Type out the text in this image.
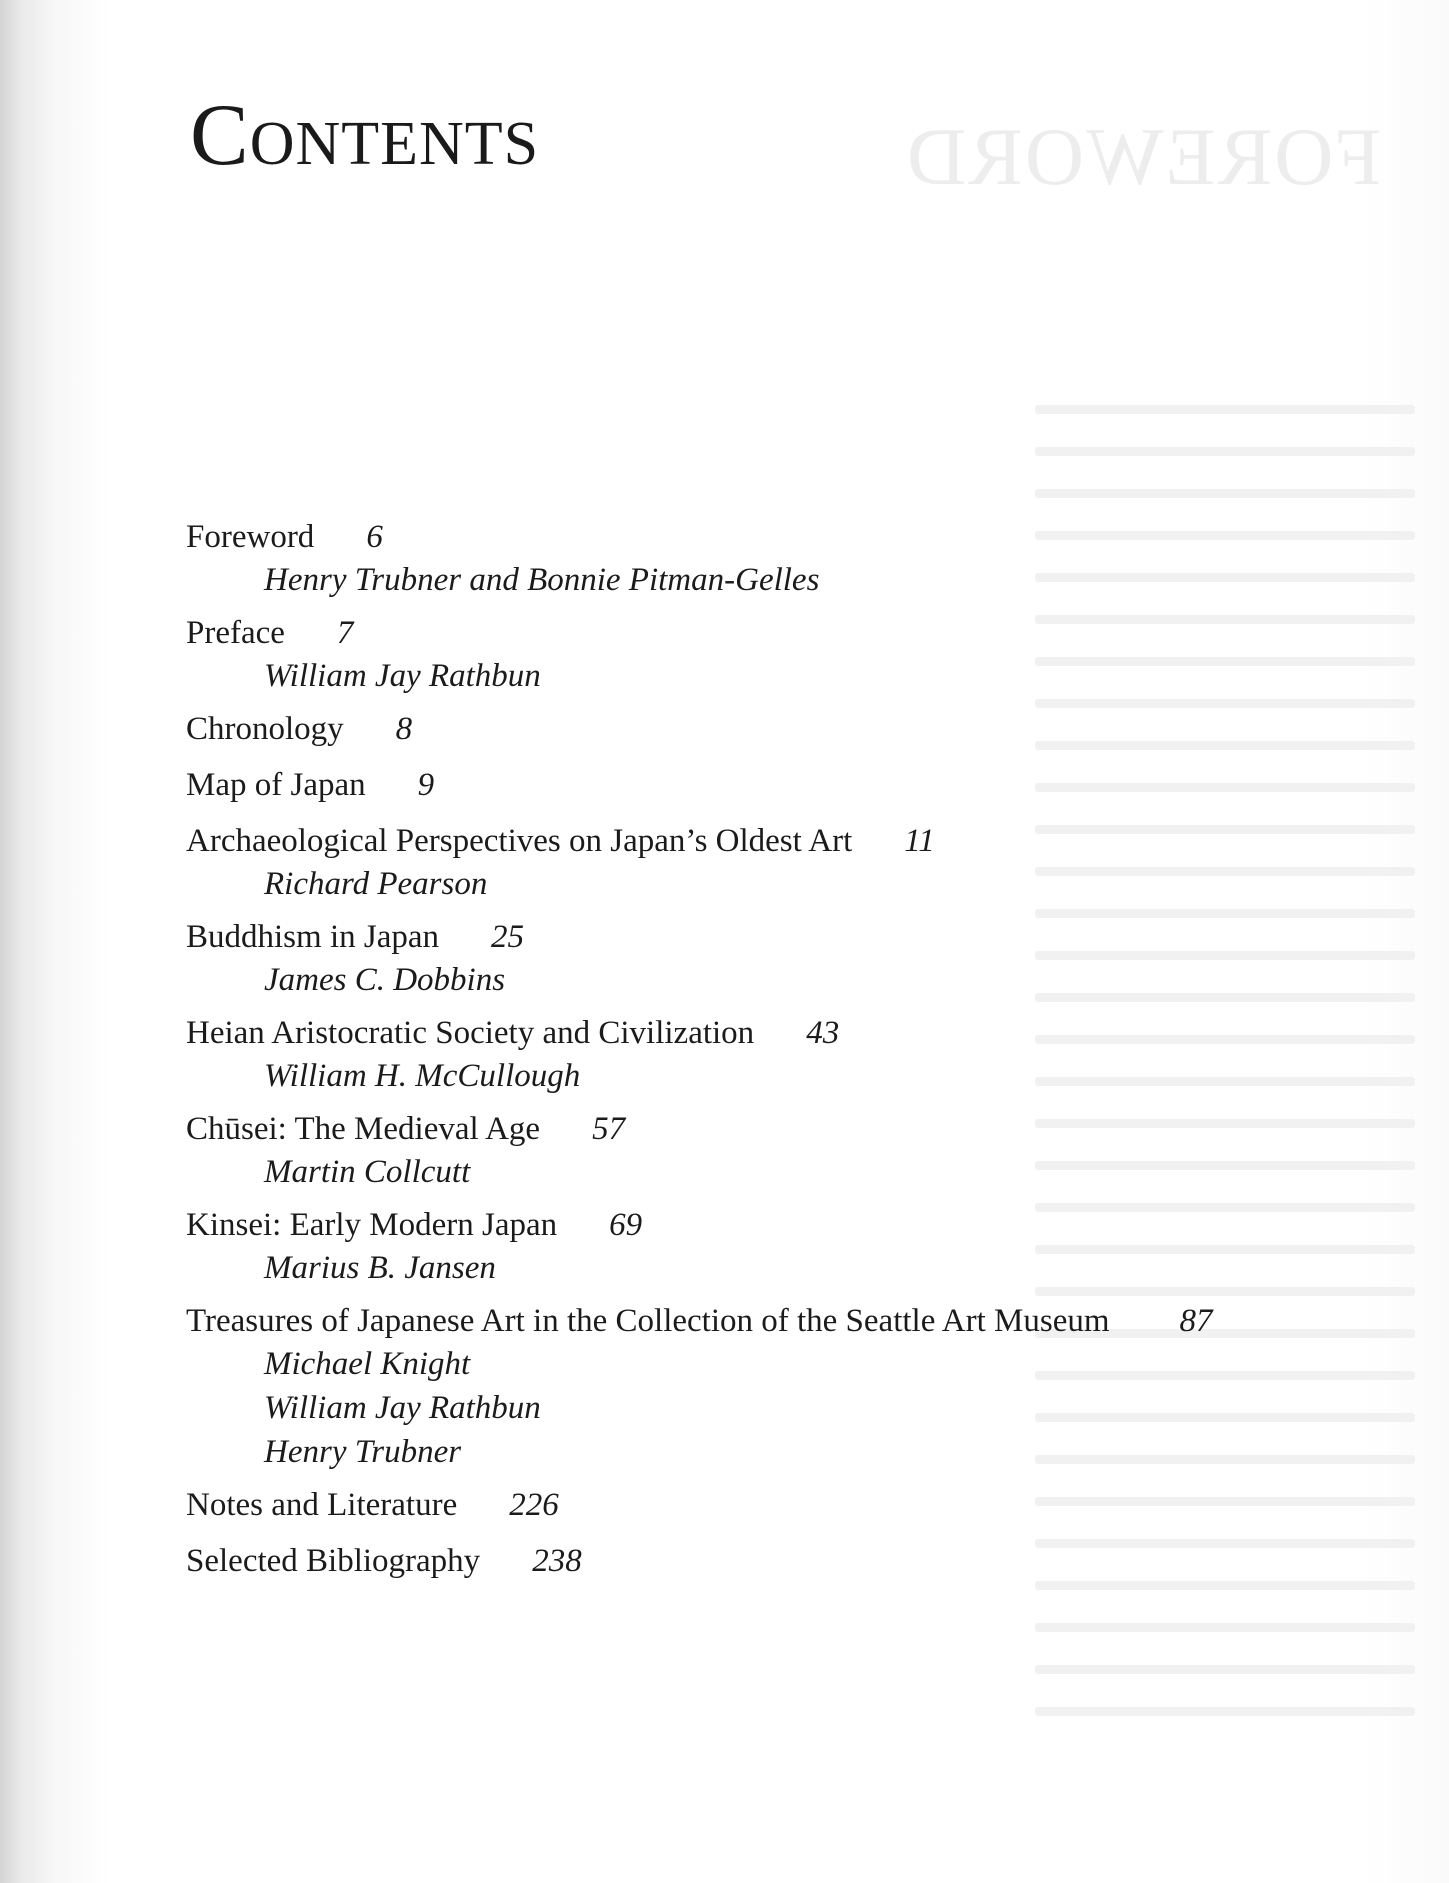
FOREWORD
Contents
Foreword 6
Henry Trubner and Bonnie Pitman-Gelles
Preface 7
William Jay Rathbun
Chronology 8
Map of Japan 9
Archaeological Perspectives on Japan’s Oldest Art 11
Richard Pearson
Buddhism in Japan 25
James C. Dobbins
Heian Aristocratic Society and Civilization 43
William H. McCullough
Chūsei: The Medieval Age 57
Martin Collcutt
Kinsei: Early Modern Japan 69
Marius B. Jansen
Treasures of Japanese Art in the Collection of the Seattle Art Museum 87
Michael Knight
William Jay Rathbun
Henry Trubner
Notes and Literature 226
Selected Bibliography 238
